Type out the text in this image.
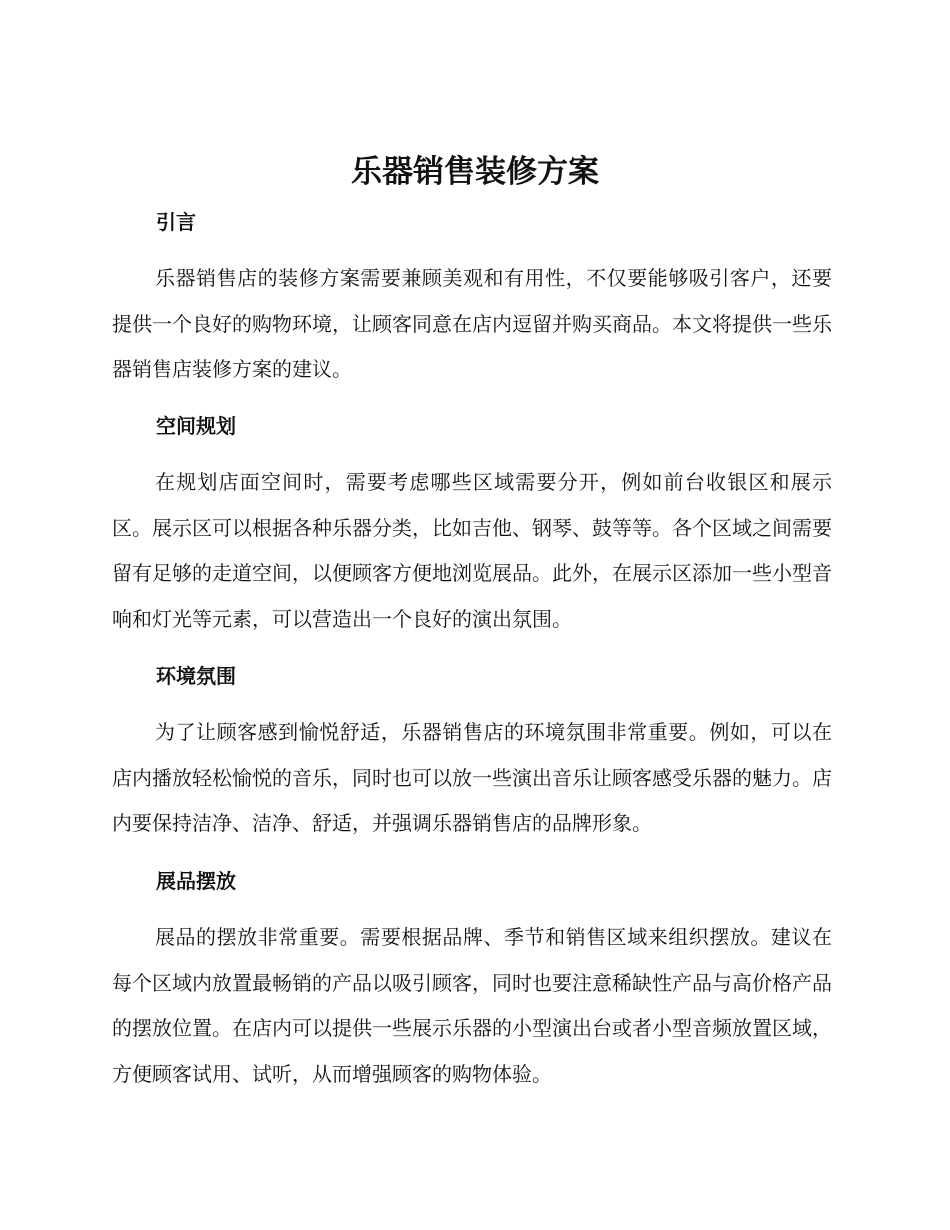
乐器销售装修方案
引言

乐器销售店的装修方案需要兼顾美观和有用性，不仅要能够吸引客户，还要提供一个良好的购物环境，让顾客同意在店内逗留并购买商品。本文将提供一些乐器销售店装修方案的建议。

空间规划

在规划店面空间时，需要考虑哪些区域需要分开，例如前台收银区和展示区。展示区可以根据各种乐器分类，比如吉他、钢琴、鼓等等。各个区域之间需要留有足够的走道空间，以便顾客方便地浏览展品。此外，在展示区添加一些小型音响和灯光等元素，可以营造出一个良好的演出氛围。

环境氛围

为了让顾客感到愉悦舒适，乐器销售店的环境氛围非常重要。例如，可以在店内播放轻松愉悦的音乐，同时也可以放一些演出音乐让顾客感受乐器的魅力。店内要保持洁净、洁净、舒适，并强调乐器销售店的品牌形象。

展品摆放

展品的摆放非常重要。需要根据品牌、季节和销售区域来组织摆放。建议在每个区域内放置最畅销的产品以吸引顾客，同时也要注意稀缺性产品与高价格产品的摆放位置。在店内可以提供一些展示乐器的小型演出台或者小型音频放置区域，方便顾客试用、试听，从而增强顾客的购物体验。
